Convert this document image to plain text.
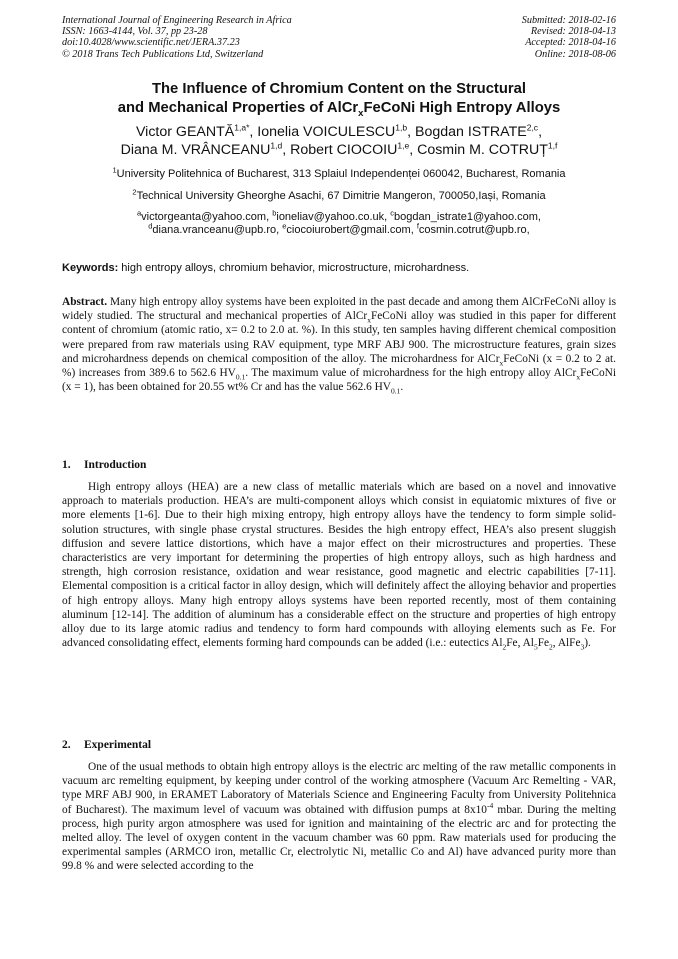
International Journal of Engineering Research in Africa
ISSN: 1663-4144, Vol. 37, pp 23-28
doi:10.4028/www.scientific.net/JERA.37.23
© 2018 Trans Tech Publications Ltd, Switzerland
Submitted: 2018-02-16
Revised: 2018-04-13
Accepted: 2018-04-16
Online: 2018-08-06
The Influence of Chromium Content on the Structural
and Mechanical Properties of AlCr$_x$FeCoNi High Entropy Alloys
Victor $GEANTĂ^{1,a*}$, Ionelia VOICULESCU$^{1,b}$, Bogdan ISTRATE$^{2,c}$,
Diana M. VRÂNCEANU$^{1,d}$, Robert CIOCOIU$^{1,e}$, Cosmin M. COTRUȚ$^{1,f}$
$^1$University Politehnica of Bucharest, 313 Splaiul Independenței 060042, Bucharest, Romania
$^2$Technical University Gheorghe Asachi, 67 Dimitrie Mangeron, 700050,Iași, Romania
$^a$victorgeanta@yahoo.com, $^b$ioneliav@yahoo.co.uk, $^c$bogdan_istrate1@yahoo.com,
$^d$diana.vranceanu@upb.ro, $^e$ciocoiurobert@gmail.com, $^f$cosmin.cotrut@upb.ro,
Keywords: high entropy alloys, chromium behavior, microstructure, microhardness.
Abstract. Many high entropy alloy systems have been exploited in the past decade and among them AlCrFeCoNi alloy is widely studied. The structural and mechanical properties of AlCr$_x$FeCoNi alloy was studied in this paper for different content of chromium (atomic ratio, x= 0.2 to 2.0 at. %). In this study, ten samples having different chemical composition were prepared from raw materials using RAV equipment, type MRF ABJ 900. The microstructure features, grain sizes and microhardness depends on chemical composition of the alloy. The microhardness for AlCr$_x$FeCoNi (x = 0.2 to 2 at. %) increases from 389.6 to 562.6 $HV_{0.1}$. The maximum value of microhardness for the high entropy alloy AlCr$_x$FeCoNi (x = 1), has been obtained for 20.55 wt% Cr and has the value 562.6 $HV_{0.1}$.
1. Introduction
High entropy alloys (HEA) are a new class of metallic materials which are based on a novel and innovative approach to materials production. HEA’s are multi-component alloys which consist in equiatomic mixtures of five or more elements [1-6]. Due to their high mixing entropy, high entropy alloys have the tendency to form simple solid-solution structures, with single phase crystal structures. Besides the high entropy effect, HEA’s also present sluggish diffusion and severe lattice distortions, which have a major effect on their microstructures and properties. These characteristics are very important for determining the properties of high entropy alloys, such as high hardness and strength, high corrosion resistance, oxidation and wear resistance, good magnetic and electric capabilities [7-11]. Elemental composition is a critical factor in alloy design, which will definitely affect the alloying behavior and properties of high entropy alloys. Many high entropy alloys systems have been reported recently, most of them containing aluminum [12-14]. The addition of aluminum has a considerable effect on the structure and properties of high entropy alloy due to its large atomic radius and tendency to form hard compounds with alloying elements such as Fe. For advanced consolidating effect, elements forming hard compounds can be added (i.e.: eutectics $Al_2Fe$, $Al_5Fe_2$, AlFe$_3$).
2. Experimental
One of the usual methods to obtain high entropy alloys is the electric arc melting of the raw metallic components in vacuum arc remelting equipment, by keeping under control of the working atmosphere (Vacuum Arc Remelting - VAR, type MRF ABJ 900, in ERAMET Laboratory of Materials Science and Engineering Faculty from University Politehnica of Bucharest). The maximum level of vacuum was obtained with diffusion pumps at $8x10^{-4}$ mbar. During the melting process, high purity argon atmosphere was used for ignition and maintaining of the electric arc and for protecting the melted alloy. The level of oxygen content in the vacuum chamber was 60 ppm. Raw materials used for producing the experimental samples (ARMCO iron, metallic Cr, electrolytic Ni, metallic Co and Al) have advanced purity more than 99.8 % and were selected according to the
